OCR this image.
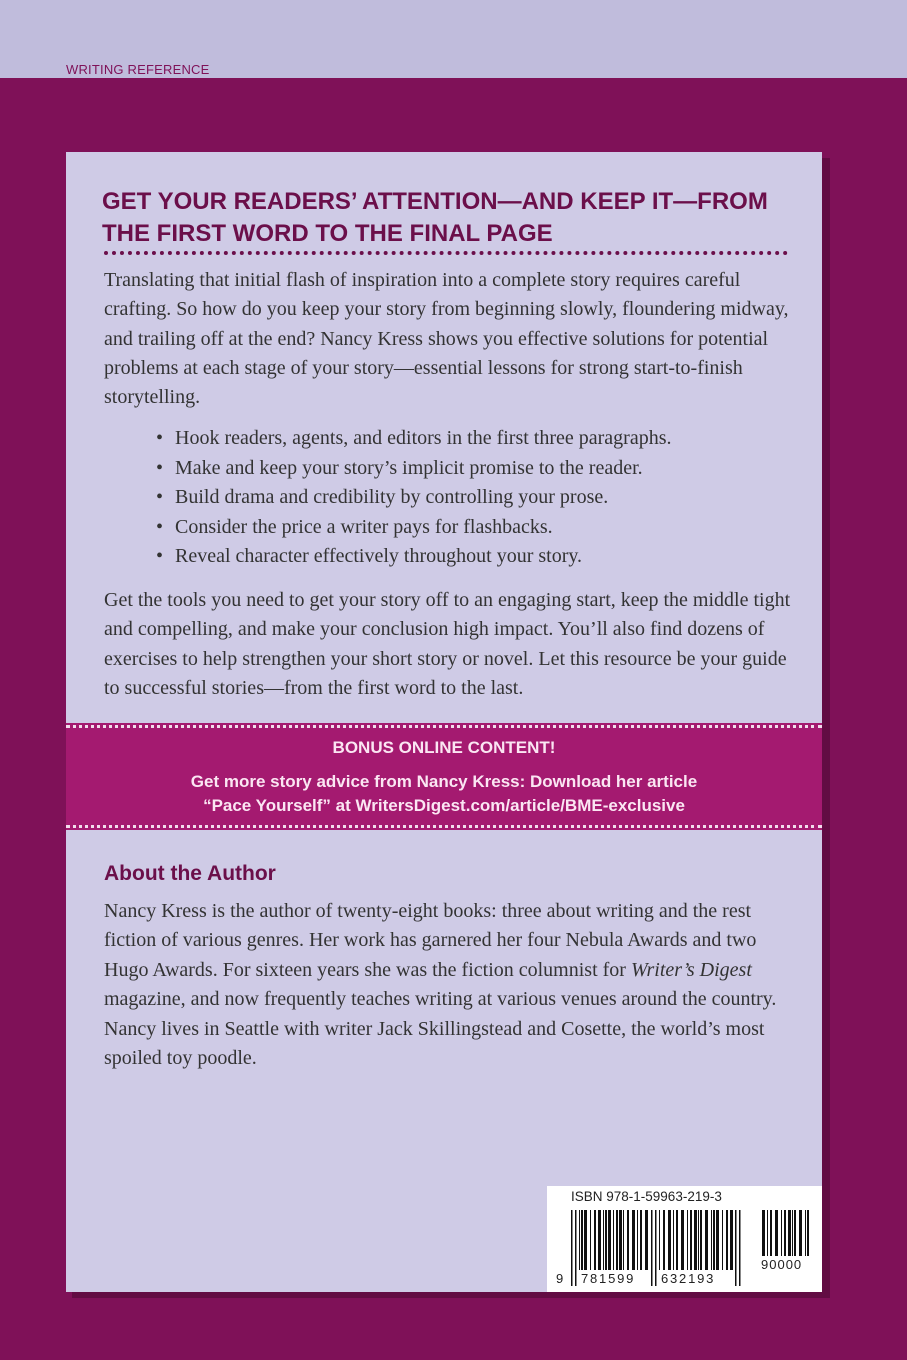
WRITING REFERENCE
GET YOUR READERS’ ATTENTION—AND KEEP IT—FROM
THE FIRST WORD TO THE FINAL PAGE

Translating that initial flash of inspiration into a complete story requires careful crafting. So how do you keep your story from beginning slowly, floundering midway, and trailing off at the end? Nancy Kress shows you effective solutions for potential problems at each stage of your story—essential lessons for strong start-to-finish storytelling.

• Hook readers, agents, and editors in the first three paragraphs.
• Make and keep your story’s implicit promise to the reader.
• Build drama and credibility by controlling your prose.
• Consider the price a writer pays for flashbacks.
• Reveal character effectively throughout your story.

Get the tools you need to get your story off to an engaging start, keep the middle tight and compelling, and make your conclusion high impact. You’ll also find dozens of exercises to help strengthen your short story or novel. Let this resource be your guide to successful stories—from the first word to the last.

BONUS ONLINE CONTENT!
Get more story advice from Nancy Kress: Download her article
“Pace Yourself” at WritersDigest.com/article/BME-exclusive
About the Author

Nancy Kress is the author of twenty-eight books: three about writing and the rest fiction of various genres. Her work has garnered her four Nebula Awards and two Hugo Awards. For sixteen years she was the fiction columnist for Writer’s Digest magazine, and now frequently teaches writing at various venues around the country. Nancy lives in Seattle with writer Jack Skillingstead and Cosette, the world’s most spoiled toy poodle.

ISBN 978-1-59963-219-3
9 781599 632193
90000
